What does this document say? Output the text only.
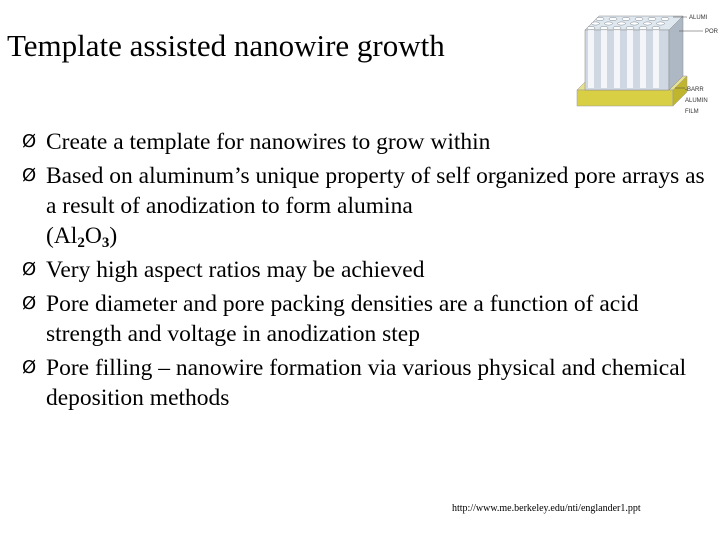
Template assisted nanowire growth
ALUMI
POR
-BARR
ALUMIN
FILM
Ø Create a template for nanowires to grow within
Ø Based on aluminum’s unique property of self organized pore arrays as a result of anodization to form alumina
$(Al_2O_3)$
Ø Very high aspect ratios may be achieved
Ø Pore diameter and pore packing densities are a function of acid strength and voltage in anodization step
Ø Pore filling – nanowire formation via various physical and chemical deposition methods
http://www.me.berkeley.edu/nti/englander1.ppt
